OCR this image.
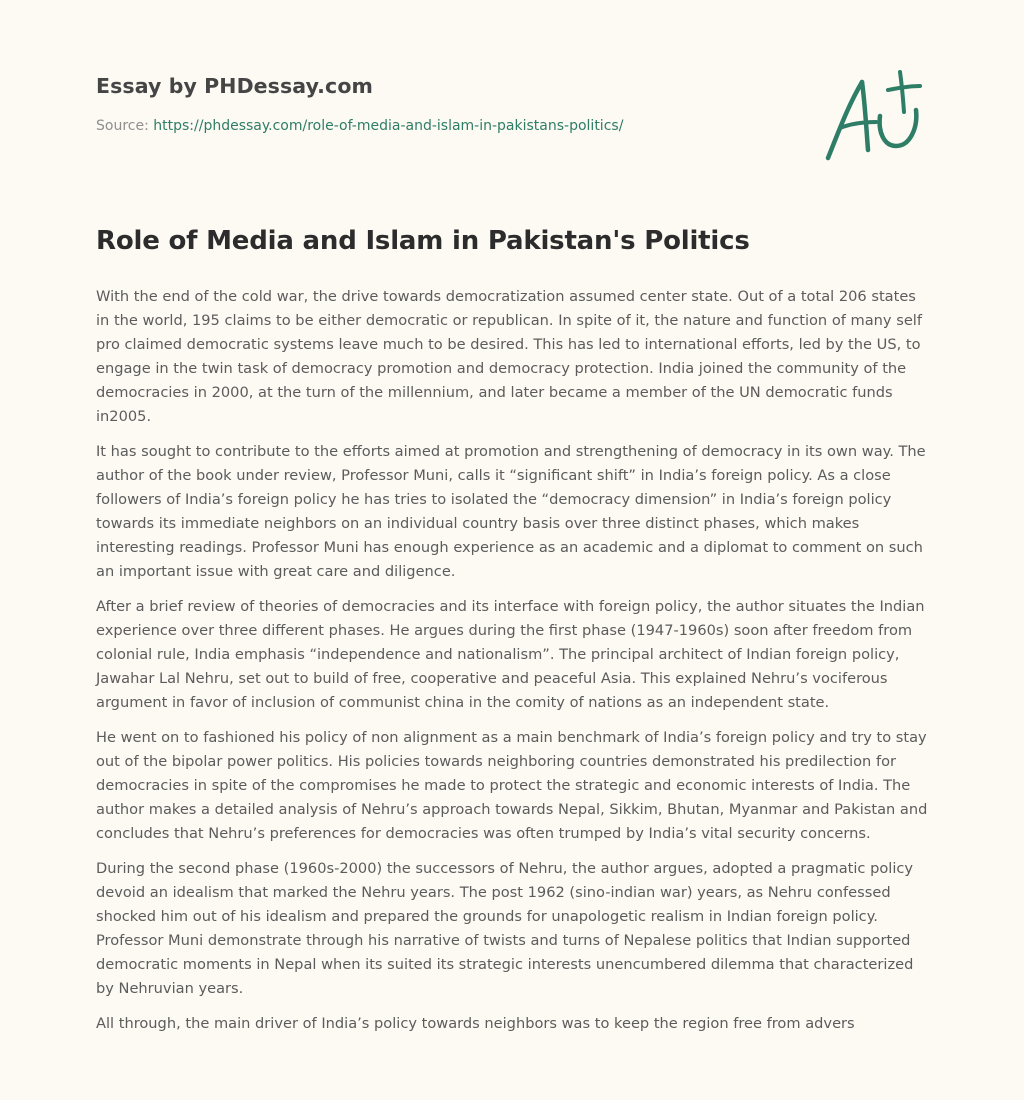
Essay by PHDessay.com
Source: https://phdessay.com/role-of-media-and-islam-in-pakistans-politics/
Role of Media and Islam in Pakistan's Politics

With the end of the cold war, the drive towards democratization assumed center state. Out of a total 206 states in the world, 195 claims to be either democratic or republican. In spite of it, the nature and function of many self pro claimed democratic systems leave much to be desired. This has led to international efforts, led by the US, to engage in the twin task of democracy promotion and democracy protection. India joined the community of the democracies in 2000, at the turn of the millennium, and later became a member of the UN democratic funds in2005.

It has sought to contribute to the efforts aimed at promotion and strengthening of democracy in its own way. The author of the book under review, Professor Muni, calls it “significant shift” in India’s foreign policy. As a close followers of India’s foreign policy he has tries to isolated the “democracy dimension” in India’s foreign policy towards its immediate neighbors on an individual country basis over three distinct phases, which makes interesting readings. Professor Muni has enough experience as an academic and a diplomat to comment on such an important issue with great care and diligence.

After a brief review of theories of democracies and its interface with foreign policy, the author situates the Indian experience over three different phases. He argues during the first phase (1947-1960s) soon after freedom from colonial rule, India emphasis “independence and nationalism”. The principal architect of Indian foreign policy, Jawahar Lal Nehru, set out to build of free, cooperative and peaceful Asia. This explained Nehru’s vociferous argument in favor of inclusion of communist china in the comity of nations as an independent state.

He went on to fashioned his policy of non alignment as a main benchmark of India’s foreign policy and try to stay out of the bipolar power politics. His policies towards neighboring countries demonstrated his predilection for democracies in spite of the compromises he made to protect the strategic and economic interests of India. The author makes a detailed analysis of Nehru’s approach towards Nepal, Sikkim, Bhutan, Myanmar and Pakistan and concludes that Nehru’s preferences for democracies was often trumped by India’s vital security concerns.

During the second phase (1960s-2000) the successors of Nehru, the author argues, adopted a pragmatic policy devoid an idealism that marked the Nehru years. The post 1962 (sino-indian war) years, as Nehru confessed shocked him out of his idealism and prepared the grounds for unapologetic realism in Indian foreign policy. Professor Muni demonstrate through his narrative of twists and turns of Nepalese politics that Indian supported democratic moments in Nepal when its suited its strategic interests unencumbered dilemma that characterized by Nehruvian years.

All through, the main driver of India’s policy towards neighbors was to keep the region free from advers
